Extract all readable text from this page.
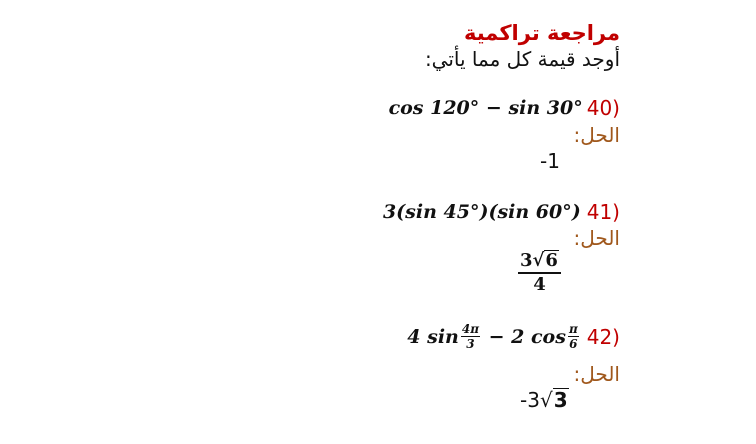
مراجعة تراكمية
أوجد قيمة كل مما يأتي:
cos 120° − sin 30° 40)
الحل:
-1
3(sin 45°)(sin 60°) 41)
الحل:
$\frac{3√6}{4}$
4 $\sin \frac{4\pi}{3} - 2$ $\cos \frac{\pi}{6} 42$)
الحل:
-3√3
